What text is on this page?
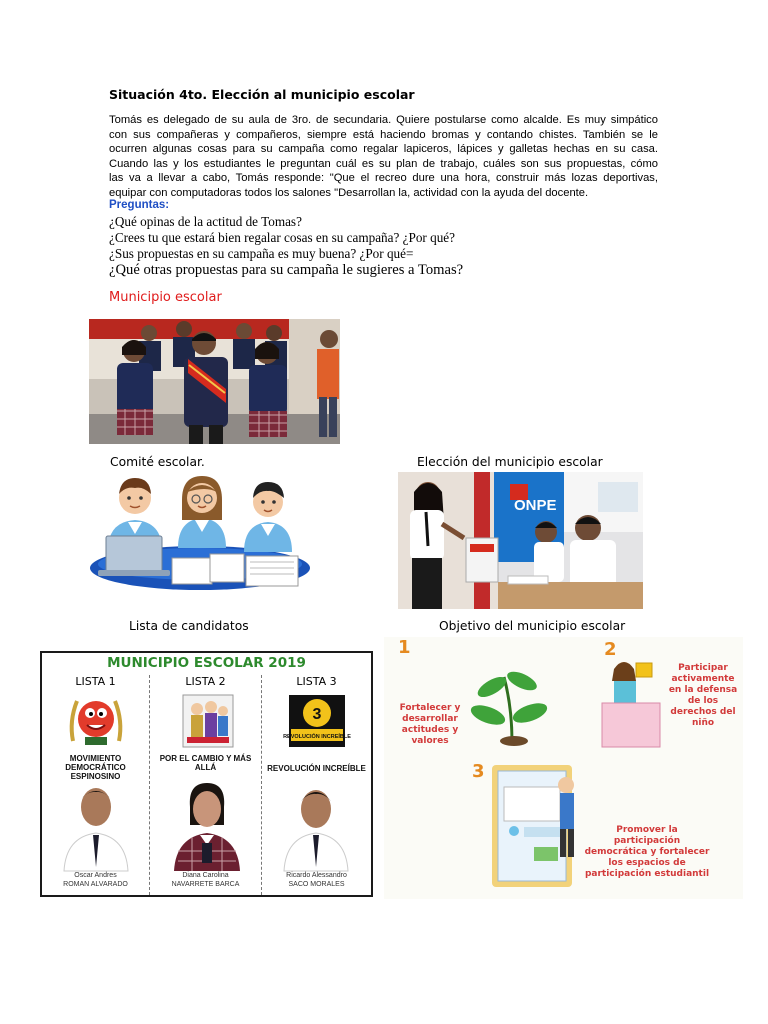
Situación 4to. Elección al municipio escolar
Tomás es delegado de su aula de 3ro. de secundaria. Quiere postularse como alcalde. Es muy simpático
con sus compañeras y compañeros, siempre está haciendo bromas y contando chistes. También se le
ocurren algunas cosas para su campaña como regalar lapiceros, lápices y galletas hechas en su casa.
Cuando las y los estudiantes le preguntan cuál es su plan de trabajo, cuáles son sus propuestas, cómo
las va a llevar a cabo, Tomás responde: "Que el recreo dure una hora, construir más lozas deportivas,
equipar con computadoras todos los salones "Desarrollan la, actividad con la ayuda del docente.
Preguntas:
¿Qué opinas de la actitud de Tomas?
¿Crees tu que estará bien regalar cosas en su campaña? ¿Por qué?
¿Sus propuestas en su campaña es muy buena? ¿Por qué=
¿Qué otras propuestas para su campaña le sugieres a Tomas?
Municipio escolar
Comité escolar.	Elección del municipio escolar
ONPE
Lista de candidatos	Objetivo del municipio escolar
MUNICIPIO ESCOLAR 2019
LISTA 1
MOVIMIENTO DEMOCRÁTICO ESPINOSINO
Oscar Andres
ROMAN ALVARADO
LISTA 2
POR EL CAMBIO Y MÁS ALLÁ
Diana Carolina
NAVARRETE BARCA
LISTA 3
3
REVOLUCIÓN INCREÍBLE
REVOLUCIÓN INCREÍBLE
Ricardo Alessandro
SACO MORALES
1
Fortalecer y desarrollar actitudes y valores
2
Participar activamente en la defensa de los derechos del niño
3
Promover la participación democrática y fortalecer los espacios de participación estudiantil
